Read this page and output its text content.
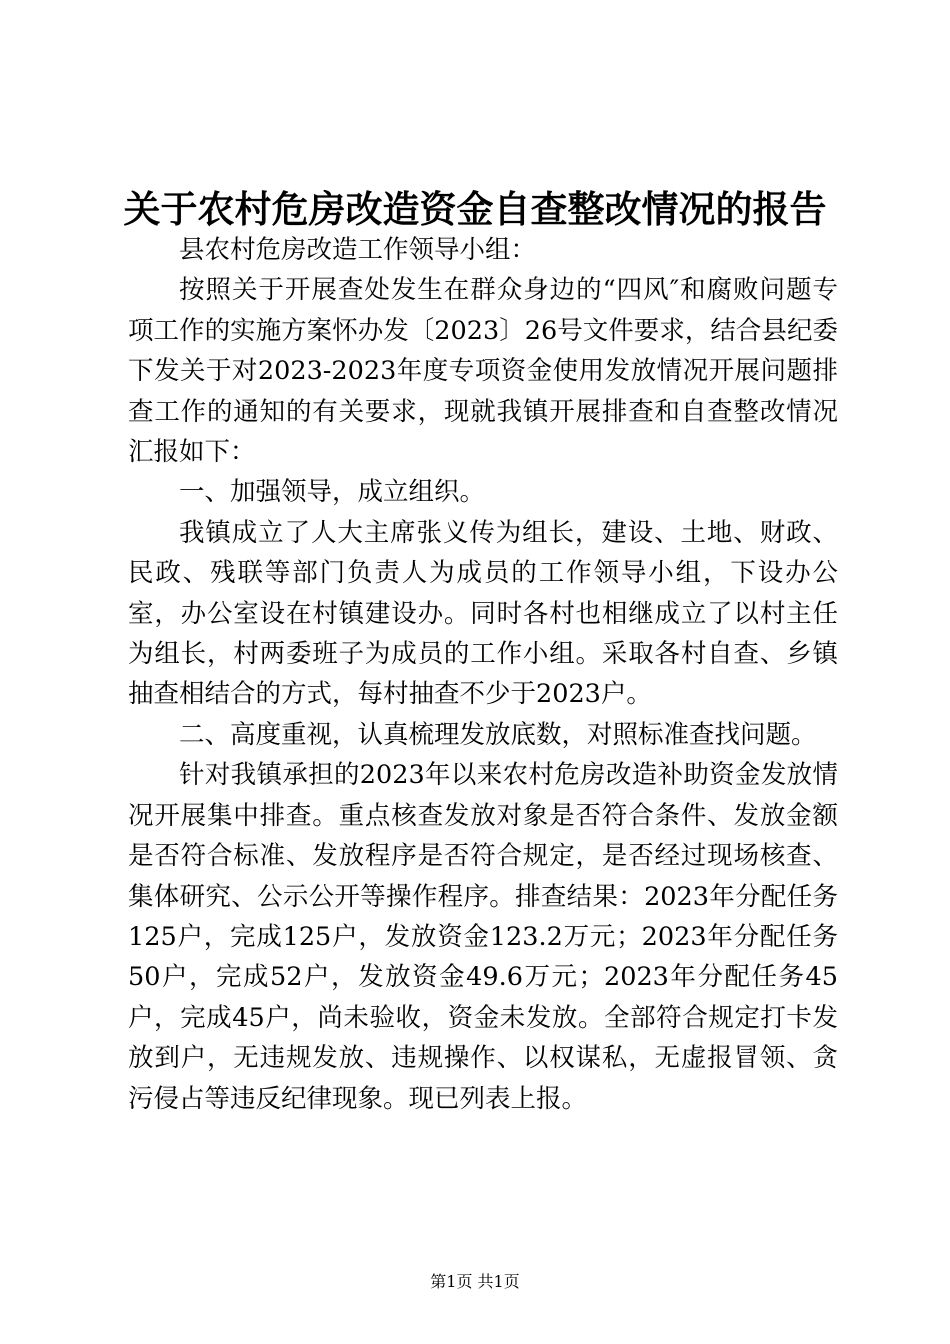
关于农村危房改造资金自查整改情况的报告

县农村危房改造工作领导小组：

按照关于开展查处发生在群众身边的“四风″和腐败问题专项工作的实施方案怀办发〔2023〕26号文件要求，结合县纪委下发关于对2023-2023年度专项资金使用发放情况开展问题排查工作的通知的有关要求，现就我镇开展排查和自查整改情况汇报如下：

一、加强领导，成立组织。

我镇成立了人大主席张义传为组长，建设、土地、财政、民政、残联等部门负责人为成员的工作领导小组，下设办公室，办公室设在村镇建设办。同时各村也相继成立了以村主任为组长，村两委班子为成员的工作小组。采取各村自查、乡镇抽查相结合的方式，每村抽查不少于2023户。

二、高度重视，认真梳理发放底数，对照标准查找问题。

针对我镇承担的2023年以来农村危房改造补助资金发放情况开展集中排查。重点核查发放对象是否符合条件、发放金额是否符合标准、发放程序是否符合规定，是否经过现场核查、集体研究、公示公开等操作程序。排查结果：2023年分配任务125户，完成125户，发放资金123.2万元；2023年分配任务50户，完成52户，发放资金49.6万元；2023年分配任务45户，完成45户，尚未验收，资金未发放。全部符合规定打卡发放到户，无违规发放、违规操作、以权谋私，无虚报冒领、贪污侵占等违反纪律现象。现已列表上报。

第1页 共1页
